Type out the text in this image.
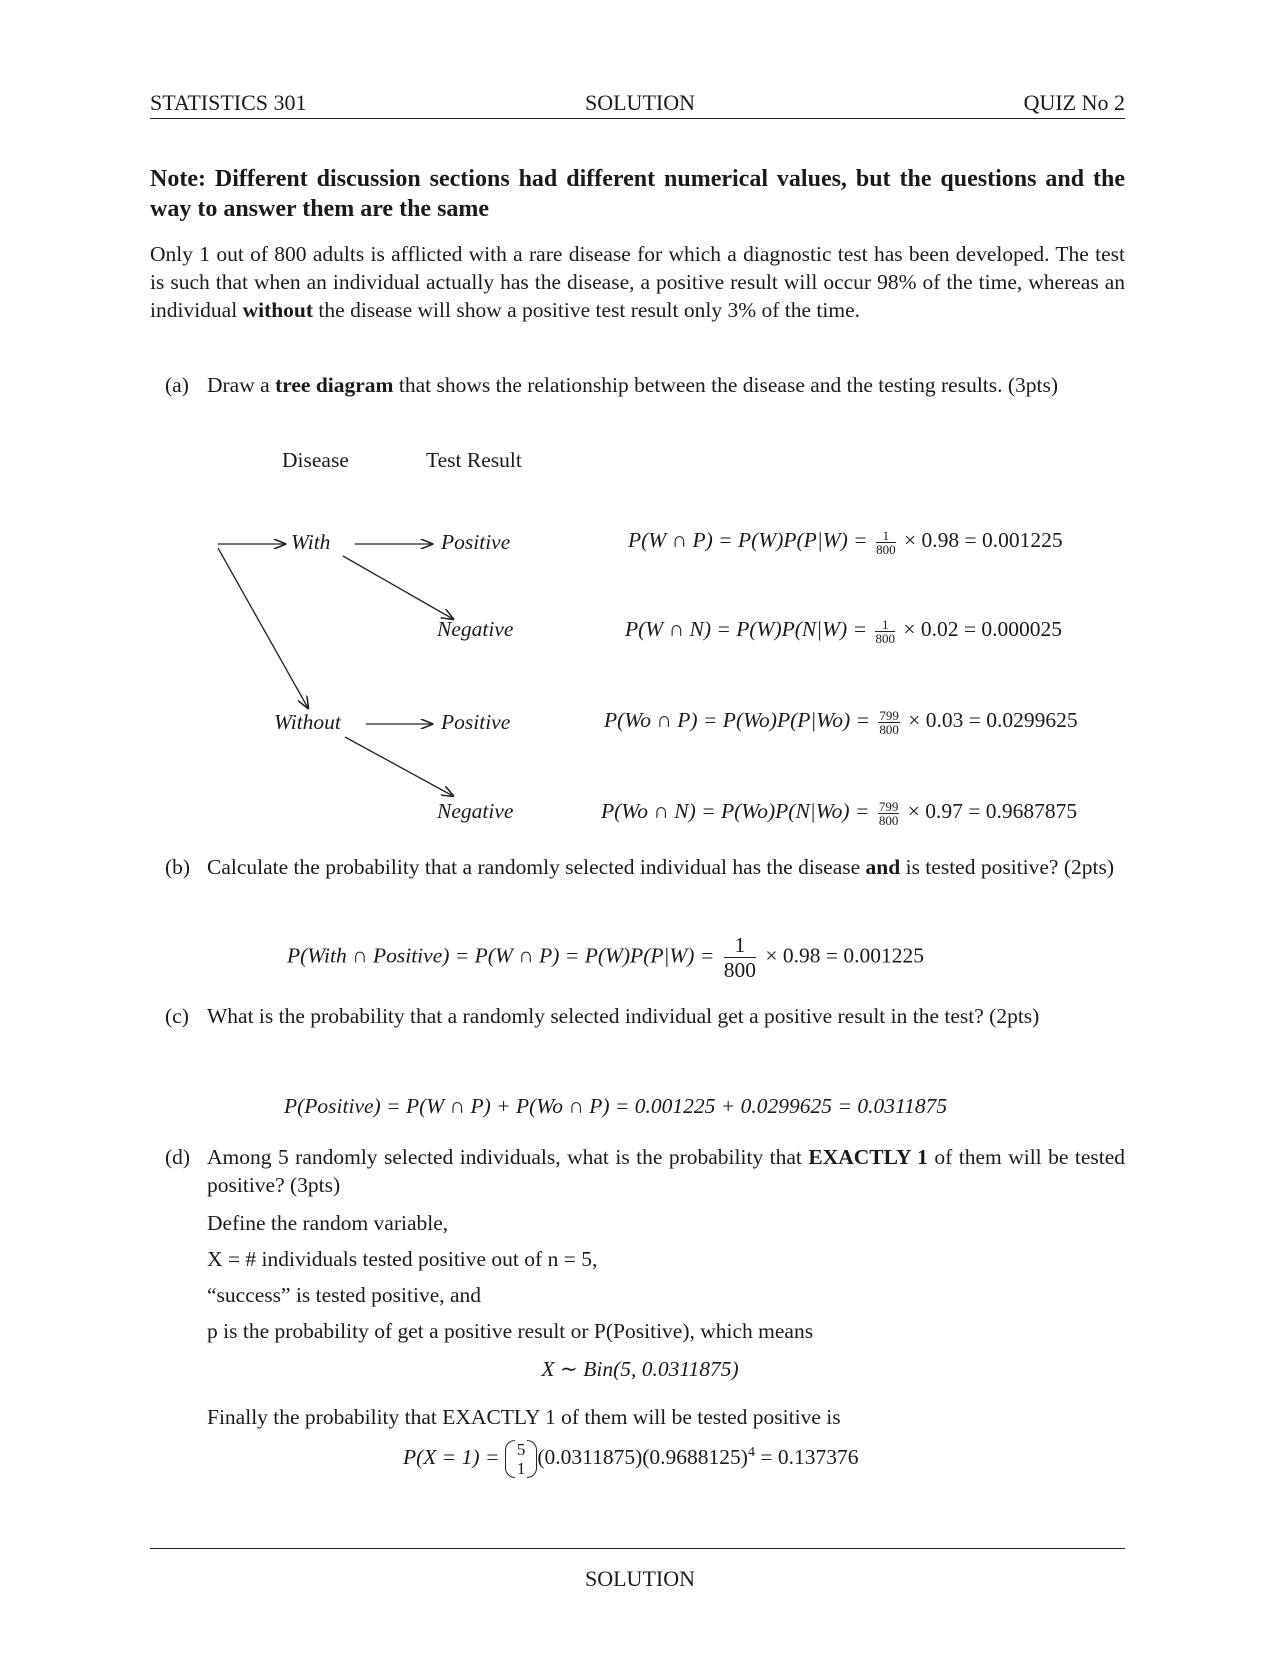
STATISTICS 301	SOLUTION	QUIZ No 2
Note: Different discussion sections had different numerical values, but the questions and the way to answer them are the same
Only 1 out of 800 adults is afflicted with a rare disease for which a diagnostic test has been developed. The test is such that when an individual actually has the disease, a positive result will occur 98% of the time, whereas an individual without the disease will show a positive test result only 3% of the time.
(a) Draw a tree diagram that shows the relationship between the disease and the testing results. (3pts)
Disease	Test Result
With	Positive
Negative
Without	Positive
Negative
P(W ∩ $P) = P(W)P(P|W) = \frac{1}{800} \times 0.98 = 0.001225$
P(W ∩ $N) = P(W)P(N|W) = \frac{1}{800} \times 0.02 = 0.000025$
P(Wo ∩ $P) = P(Wo)P(P|Wo) = \frac{799}{800} \times 0.03 = 0.0299625$
P(Wo ∩ $N) = P(Wo)P(N|Wo) = \frac{799}{800} \times 0.97 = 0.9687875$
(b) Calculate the probability that a randomly selected individual has the disease and is tested positive? (2pts)
P(With ∩ Positive) = P(W ∩ $P) = P(W)P(P|W) = \frac{1}{800} \times 0.98 = 0.001225$
(c) What is the probability that a randomly selected individual get a positive result in the test? (2pts)
P(Positive) = P(W ∩ P) + P(Wo ∩ P) = 0.001225 + 0.0299625 = 0.0311875
(d) Among 5 randomly selected individuals, what is the probability that EXACTLY 1 of them will be tested positive? (3pts)
Define the random variable,
X = # individuals tested positive out of n = 5,
“success” is tested positive, and
p is the probability of get a positive result or P(Positive), which means
X ∼ Bin(5, 0.0311875)
Finally the probability that EXACTLY 1 of them will be tested positive is
P(X = 1) = 5
1 $(0.0311875)(0.9688125)^4 = 0.137376$
SOLUTION
